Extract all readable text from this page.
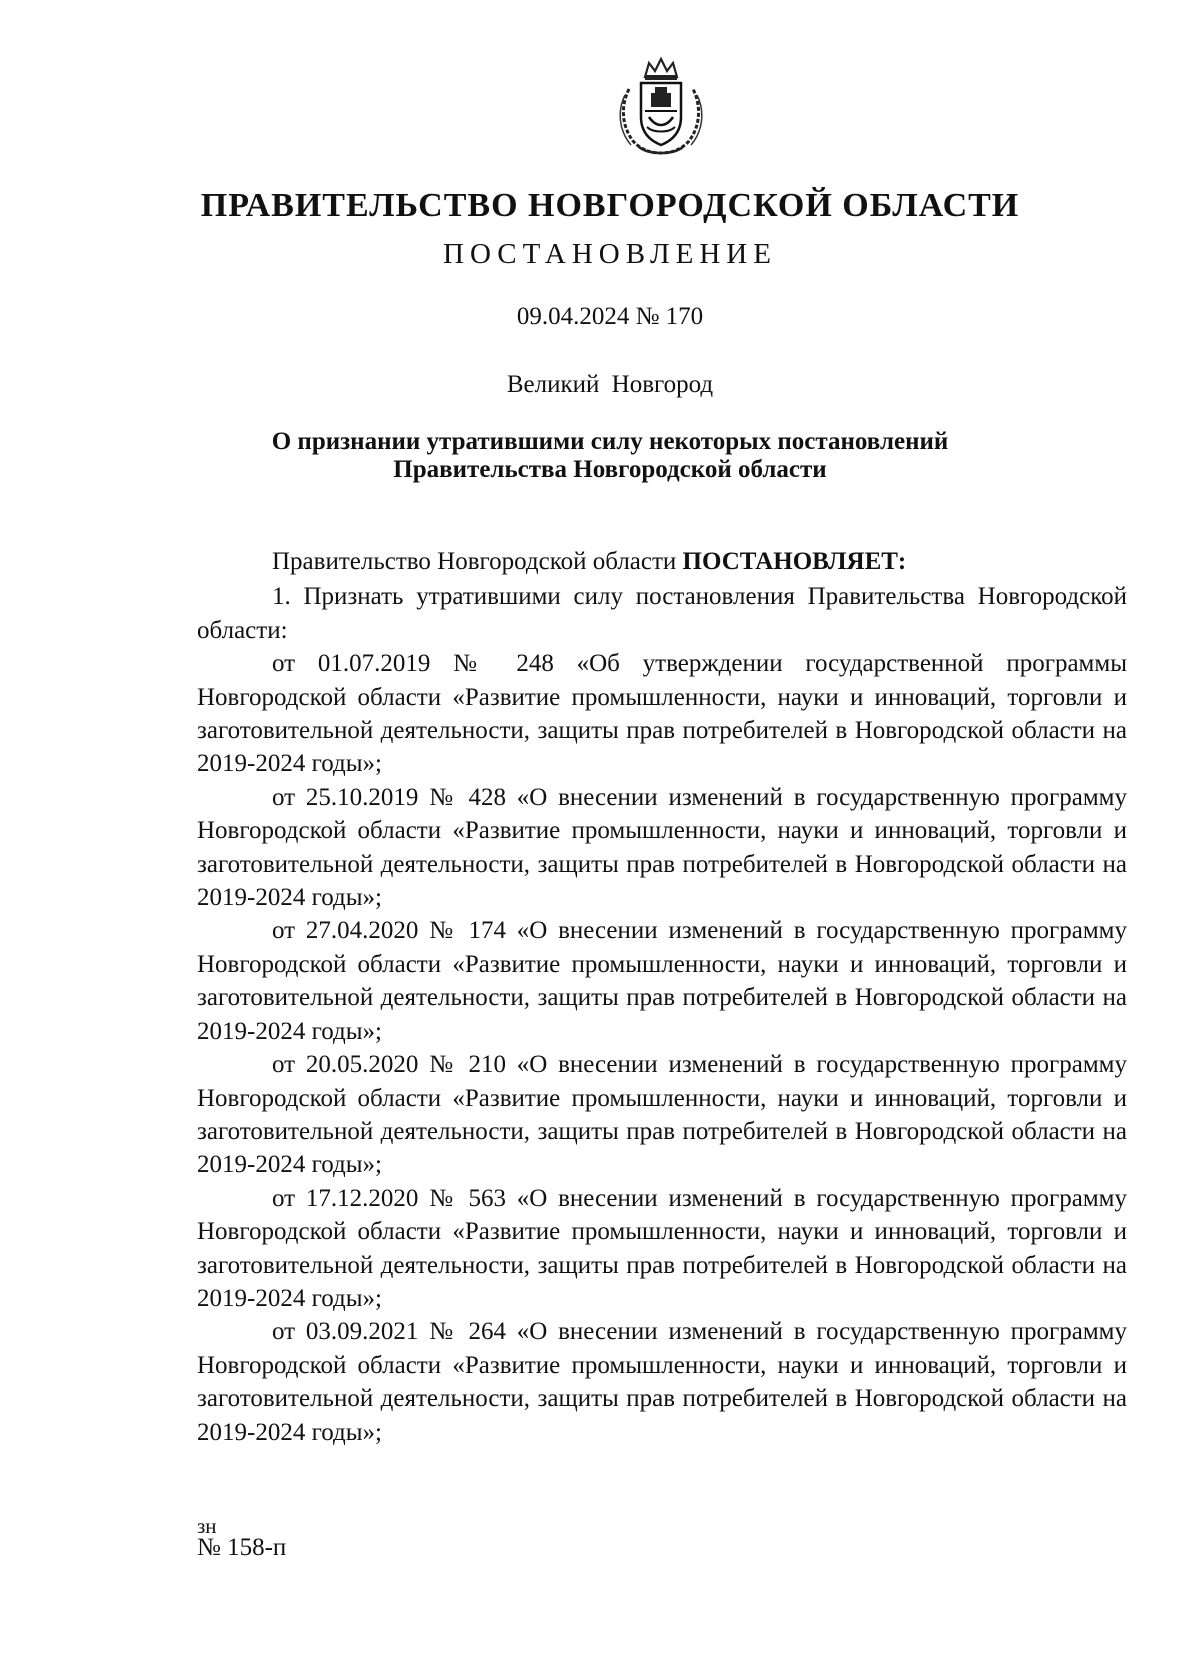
ПРАВИТЕЛЬСТВО НОВГОРОДСКОЙ ОБЛАСТИ
ПОСТАНОВЛЕНИЕ
09.04.2024 № 170
Великий Новгород
О признании утратившими силу некоторых постановлений
Правительства Новгородской области

Правительство Новгородской области ПОСТАНОВЛЯЕТ:

1. Признать утратившими силу постановления Правительства Новгородской области:

от 01.07.2019 № 248 «Об утверждении государственной программы Новгородской области «Развитие промышленности, науки и инноваций, торговли и заготовительной деятельности, защиты прав потребителей в Новгородской области на 2019-2024 годы»;

от 25.10.2019 № 428 «О внесении изменений в государственную программу Новгородской области «Развитие промышленности, науки и инноваций, торговли и заготовительной деятельности, защиты прав потребителей в Новгородской области на 2019-2024 годы»;

от 27.04.2020 № 174 «О внесении изменений в государственную программу Новгородской области «Развитие промышленности, науки и инноваций, торговли и заготовительной деятельности, защиты прав потребителей в Новгородской области на 2019-2024 годы»;

от 20.05.2020 № 210 «О внесении изменений в государственную программу Новгородской области «Развитие промышленности, науки и инноваций, торговли и заготовительной деятельности, защиты прав потребителей в Новгородской области на 2019-2024 годы»;

от 17.12.2020 № 563 «О внесении изменений в государственную программу Новгородской области «Развитие промышленности, науки и инноваций, торговли и заготовительной деятельности, защиты прав потребителей в Новгородской области на 2019-2024 годы»;

от 03.09.2021 № 264 «О внесении изменений в государственную программу Новгородской области «Развитие промышленности, науки и инноваций, торговли и заготовительной деятельности, защиты прав потребителей в Новгородской области на 2019-2024 годы»;

зн
№ 158-п
